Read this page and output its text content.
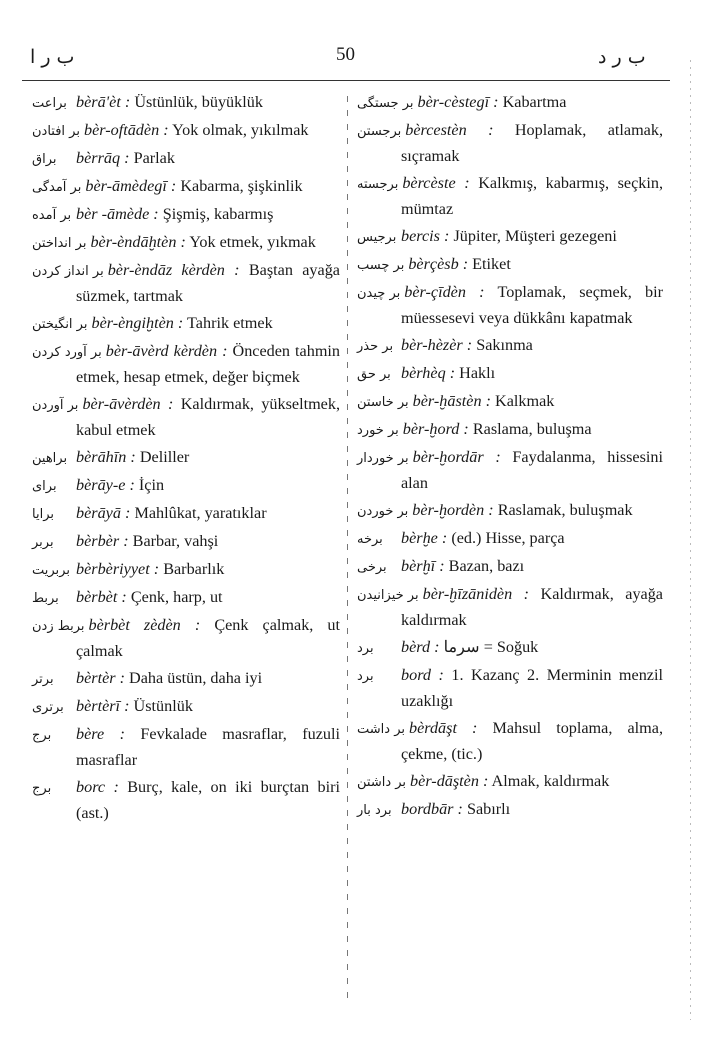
ب ر ا	50	ب ر د
براعت bèrā'èt : Üstünlük, büyüklük
بر افتادن bèr-oftādèn : Yok olmak, yıkılmak
براق bèrrāq : Parlak
بر آمدگی bèr-āmèdegī : Kabarma, şişkinlik
بر آمده bèr -āmède : Şişmiş, kabarmış
بر انداختن bèr-èndāḫtèn : Yok etmek, yıkmak
بر انداز کردن bèr-èndāz kèrdèn : Baştan ayağa süzmek, tartmak
بر انگیختن bèr-èngiḫtèn : Tahrik etmek
بر آورد کردن bèr-āvèrd kèrdèn : Önceden tahmin etmek, hesap etmek, değer biçmek
بر آوردن bèr-āvèrdèn : Kaldırmak, yükseltmek, kabul etmek
براهین bèrāhīn : Deliller
برای bèrāy-e : İçin
برایا bèrāyā : Mahlûkat, yaratıklar
بربر bèrbèr : Barbar, vahşi
بربریت bèrbèriyyet : Barbarlık
بربط bèrbèt : Çenk, harp, ut
بربط زدن bèrbèt zèdèn : Çenk çalmak, ut çalmak
برتر bèrtèr : Daha üstün, daha iyi
برتری bèrtèrī : Üstünlük
برج bère : Fevkalade masraflar, fuzuli masraflar
برج borc : Burç, kale, on iki burçtan biri (ast.)
بر جستگی bèr-cèstegī : Kabartma
برجستن bèrcestèn : Hoplamak, atlamak, sıçramak
برجسته bèrcèste : Kalkmış, kabarmış, seçkin, mümtaz
برجیس bercis : Jüpiter, Müşteri gezegeni
بر چسب bèrçèsb : Etiket
بر چیدن bèr-çīdèn : Toplamak, seçmek, bir müessesevi veya dükkânı kapatmak
بر حذر bèr-hèzèr : Sakınma
بر حق bèrhèq : Haklı
بر خاستن bèr-ḫāstèn : Kalkmak
بر خورد bèr-ḫord : Raslama, buluşma
بر خوردار bèr-ḫordār : Faydalanma, hissesini alan
بر خوردن bèr-ḫordèn : Raslamak, buluşmak
برخه bèrḫe : (ed.) Hisse, parça
برخی bèrḫī : Bazan, bazı
بر خیزانیدن bèr-ḫīzānidèn : Kaldırmak, ayağa kaldırmak
برد bèrd : سرما = Soğuk
برد bord : 1. Kazanç 2. Merminin menzil uzaklığı
بر داشت bèrdāşt : Mahsul toplama, alma, çekme, (tic.)
بر داشتن bèr-dāştèn : Almak, kaldırmak
برد بار bordbār : Sabırlı
